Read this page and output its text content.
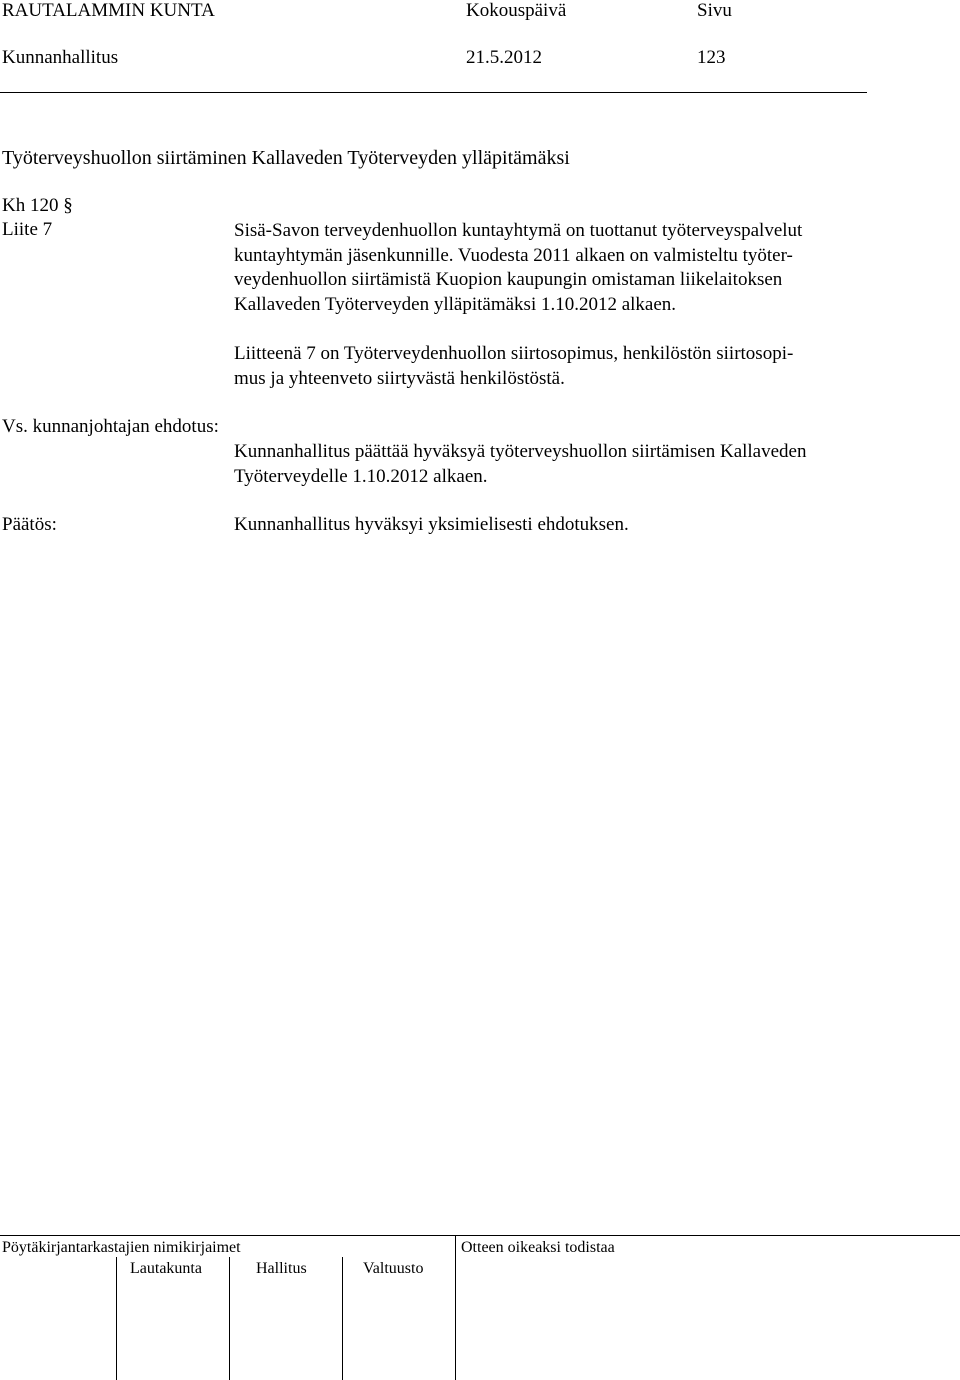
RAUTALAMMIN KUNTA	Kokouspäivä	Sivu
Kunnanhallitus	21.5.2012	123
Työterveyshuollon siirtäminen Kallaveden Työterveyden ylläpitämäksi
Kh 120 §
Liite 7	Sisä-Savon terveydenhuollon kuntayhtymä on tuottanut työterveyspalvelut

kuntayhtymän jäsenkunnille. Vuodesta 2011 alkaen on valmisteltu työter-

veydenhuollon siirtämistä Kuopion kaupungin omistaman liikelaitoksen

Kallaveden Työterveyden ylläpitämäksi 1.10.2012 alkaen.

Liitteenä 7 on Työterveydenhuollon siirtosopimus, henkilöstön siirtosopi-

mus ja yhteenveto siirtyvästä henkilöstöstä.

Vs. kunnanjohtajan ehdotus:

Kunnanhallitus päättää hyväksyä työterveyshuollon siirtämisen Kallaveden

Työterveydelle 1.10.2012 alkaen.

Päätös:	Kunnanhallitus hyväksyi yksimielisesti ehdotuksen.
Pöytäkirjantarkastajien nimikirjaimet	Otteen oikeaksi todistaa
Lautakunta	Hallitus	Valtuusto
